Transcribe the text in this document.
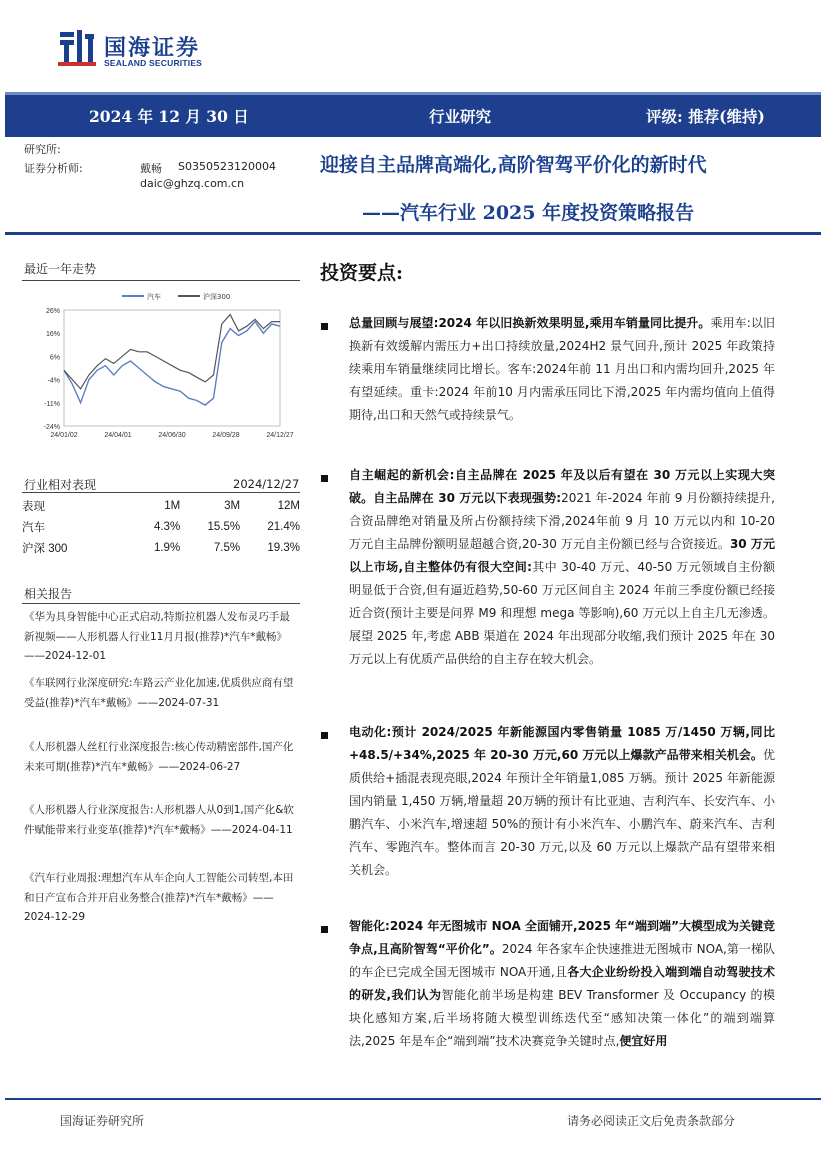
国海证券
SEALAND SECURITIES
2024 年 12 月 30 日	行业研究	评级: 推荐(维持)
研究所:
证券分析师:	戴畅 S0350523120004
daic@ghzq.com.cn
迎接自主品牌高端化,高阶智驾平价化的新时代
——汽车行业 2025 年度投资策略报告
最近一年走势
26%
16%
6%
-4%
-11%
-24%
24/01/02	24/04/01	24/06/30	24/09/28	24/12/27
汽车	沪深300
行业相对表现	2024/12/27
表现	1M	3M	12M
汽车	4.3%	15.5%	21.4%
沪深 300	1.9%	7.5%	19.3%
相关报告
《华为具身智能中心正式启动,特斯拉机器人发布灵巧手最新视频——人形机器人行业11月月报(推荐)*汽车*戴畅》——2024-12-01
《车联网行业深度研究:车路云产业化加速,优质供应商有望受益(推荐)*汽车*戴畅》——2024-07-31
《人形机器人丝杠行业深度报告:核心传动精密部件,国产化未来可期(推荐)*汽车*戴畅》——2024-06-27
《人形机器人行业深度报告:人形机器人从0到1,国产化&软件赋能带来行业变革(推荐)*汽车*戴畅》——2024-04-11
《汽车行业周报:理想汽车从车企向人工智能公司转型,本田和日产宣布合并开启业务整合(推荐)*汽车*戴畅》——2024-12-29
投资要点:
总量回顾与展望:2024 年以旧换新效果明显,乘用车销量同比提升。乘用车:以旧换新有效缓解内需压力+出口持续放量,2024H2 景气回升,预计 2025 年政策持续乘用车销量继续同比增长。客车:2024年前 11 月出口和内需均回升,2025 年有望延续。重卡:2024 年前10 月内需承压同比下滑,2025 年内需均值向上值得期待,出口和天然气或持续景气。
自主崛起的新机会:自主品牌在 2025 年及以后有望在 30 万元以上实现大突破。自主品牌在 30 万元以下表现强势:2021 年-2024 年前 9 月份额持续提升,合资品牌绝对销量及所占份额持续下滑,2024年前 9 月 10 万元以内和 10-20 万元自主品牌份额明显超越合资,20-30 万元自主份额已经与合资接近。30 万元以上市场,自主整体仍有很大空间:其中 30-40 万元、40-50 万元领域自主份额明显低于合资,但有逼近趋势,50-60 万元区间自主 2024 年前三季度份额已经接近合资(预计主要是问界 M9 和理想 mega 等影响),60 万元以上自主几无渗透。展望 2025 年,考虑 ABB 渠道在 2024 年出现部分收缩,我们预计 2025 年在 30 万元以上有优质产品供给的自主存在较大机会。
电动化:预计 2024/2025 年新能源国内零售销量 1085 万/1450 万辆,同比+48.5/+34%,2025 年 20-30 万元,60 万元以上爆款产品带来相关机会。优质供给+插混表现亮眼,2024 年预计全年销量1,085 万辆。预计 2025 年新能源国内销量 1,450 万辆,增量超 20万辆的预计有比亚迪、吉利汽车、长安汽车、小鹏汽车、小米汽车,增速超 50%的预计有小米汽车、小鹏汽车、蔚来汽车、吉利汽车、零跑汽车。整体而言 20-30 万元,以及 60 万元以上爆款产品有望带来相关机会。
智能化:2024 年无图城市 NOA 全面铺开,2025 年“端到端”大模型成为关键竞争点,且高阶智驾“平价化”。2024 年各家车企快速推进无图城市 NOA,第一梯队的车企已完成全国无图城市 NOA开通,且各大企业纷纷投入端到端自动驾驶技术的研发,我们认为智能化前半场是构建 BEV Transformer 及 Occupancy 的模块化感知方案,后半场将随大模型训练迭代至“感知决策一体化”的端到端算法,2025 年是车企“端到端”技术决赛竞争关键时点,便宜好用
国海证券研究所	请务必阅读正文后免责条款部分
